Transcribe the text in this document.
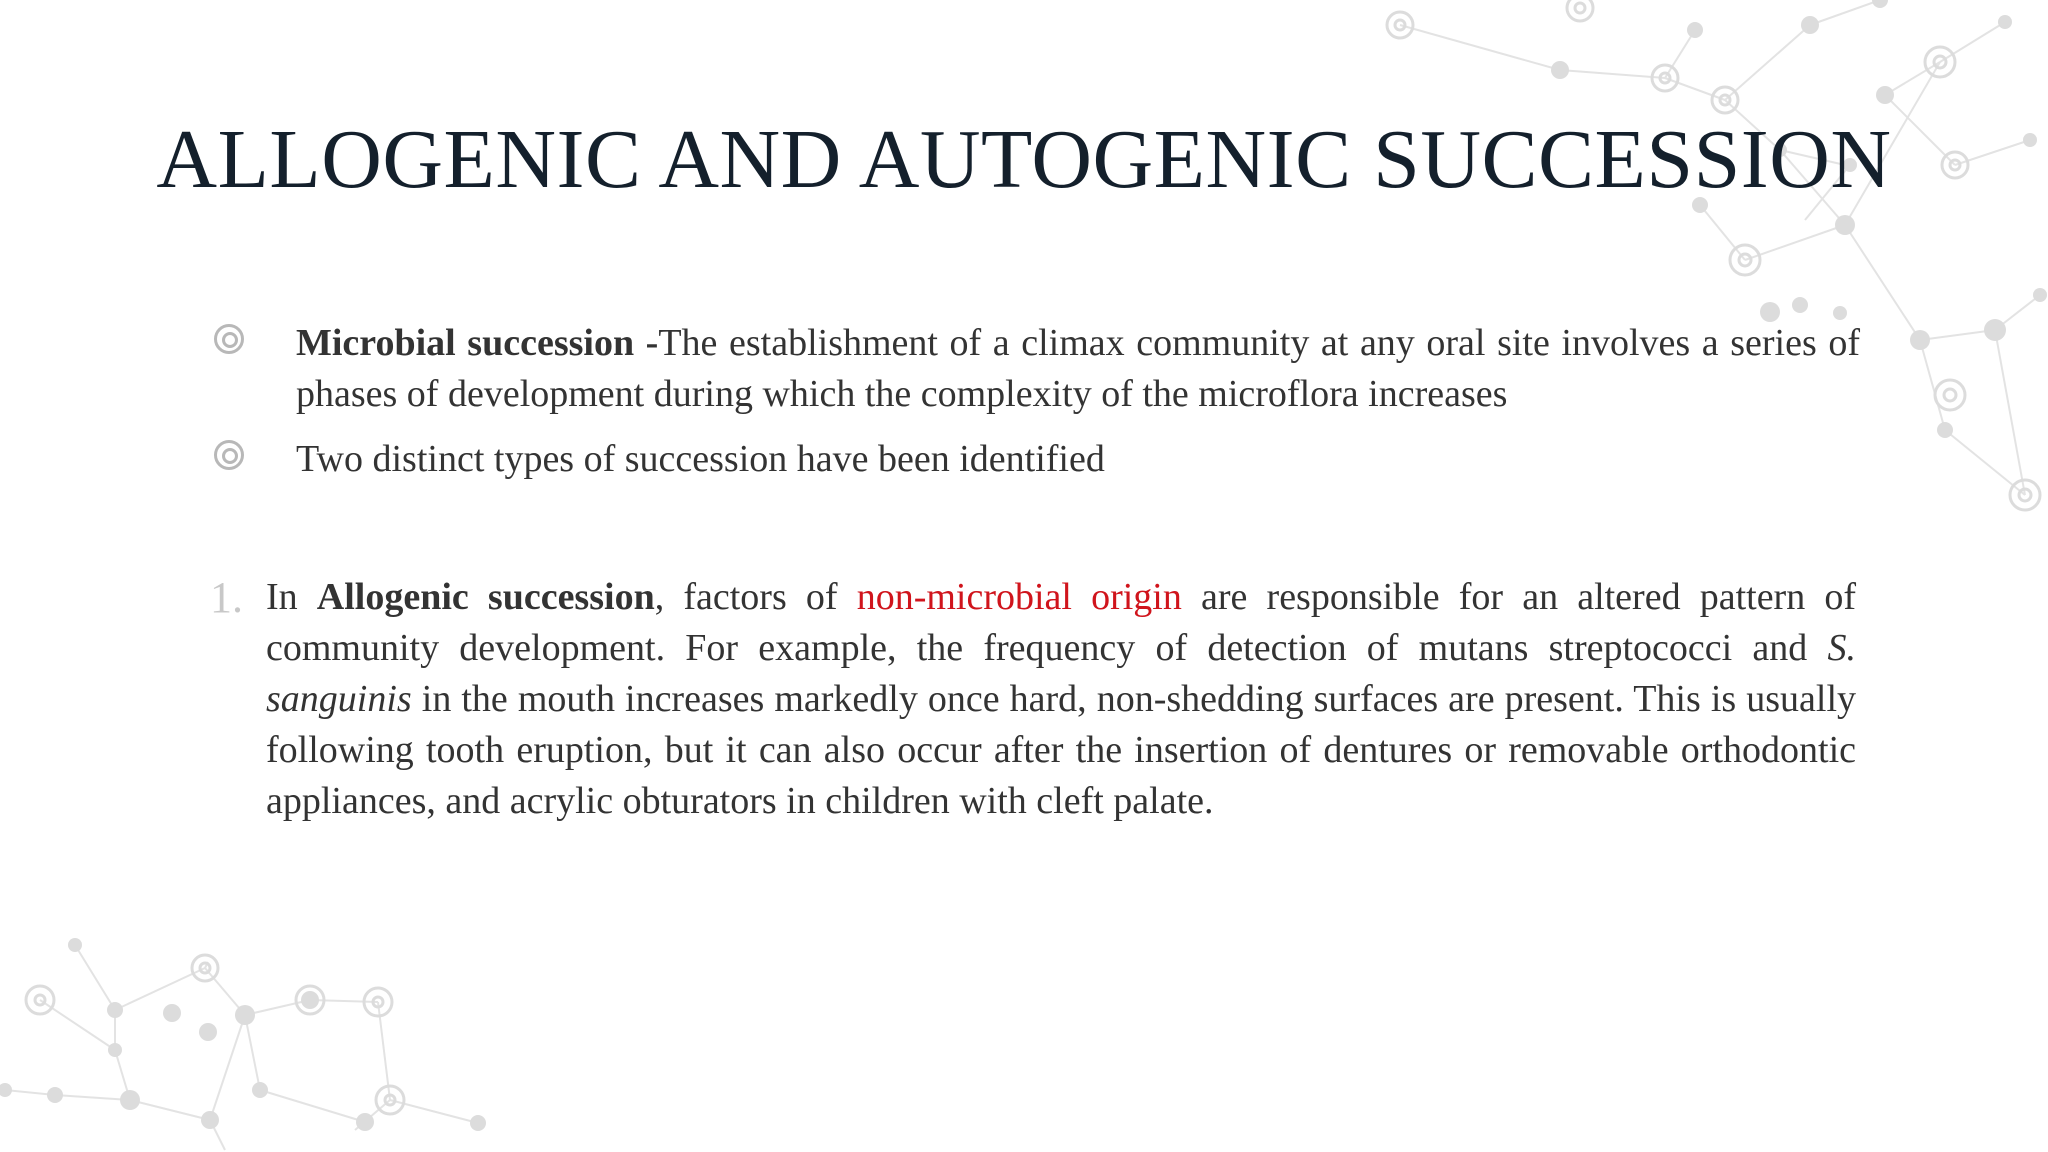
ALLOGENIC AND AUTOGENIC SUCCESSION
Microbial succession -The establishment of a climax community at any oral site involves a series of phases of development during which the complexity of the microflora increases
Two distinct types of succession have been identified
1. In Allogenic succession, factors of non-microbial origin are responsible for an altered pattern of community development. For example, the frequency of detection of mutans streptococci and S. sanguinis in the mouth increases markedly once hard, non-shedding surfaces are present. This is usually following tooth eruption, but it can also occur after the insertion of dentures or removable orthodontic appliances, and acrylic obturators in children with cleft palate.
